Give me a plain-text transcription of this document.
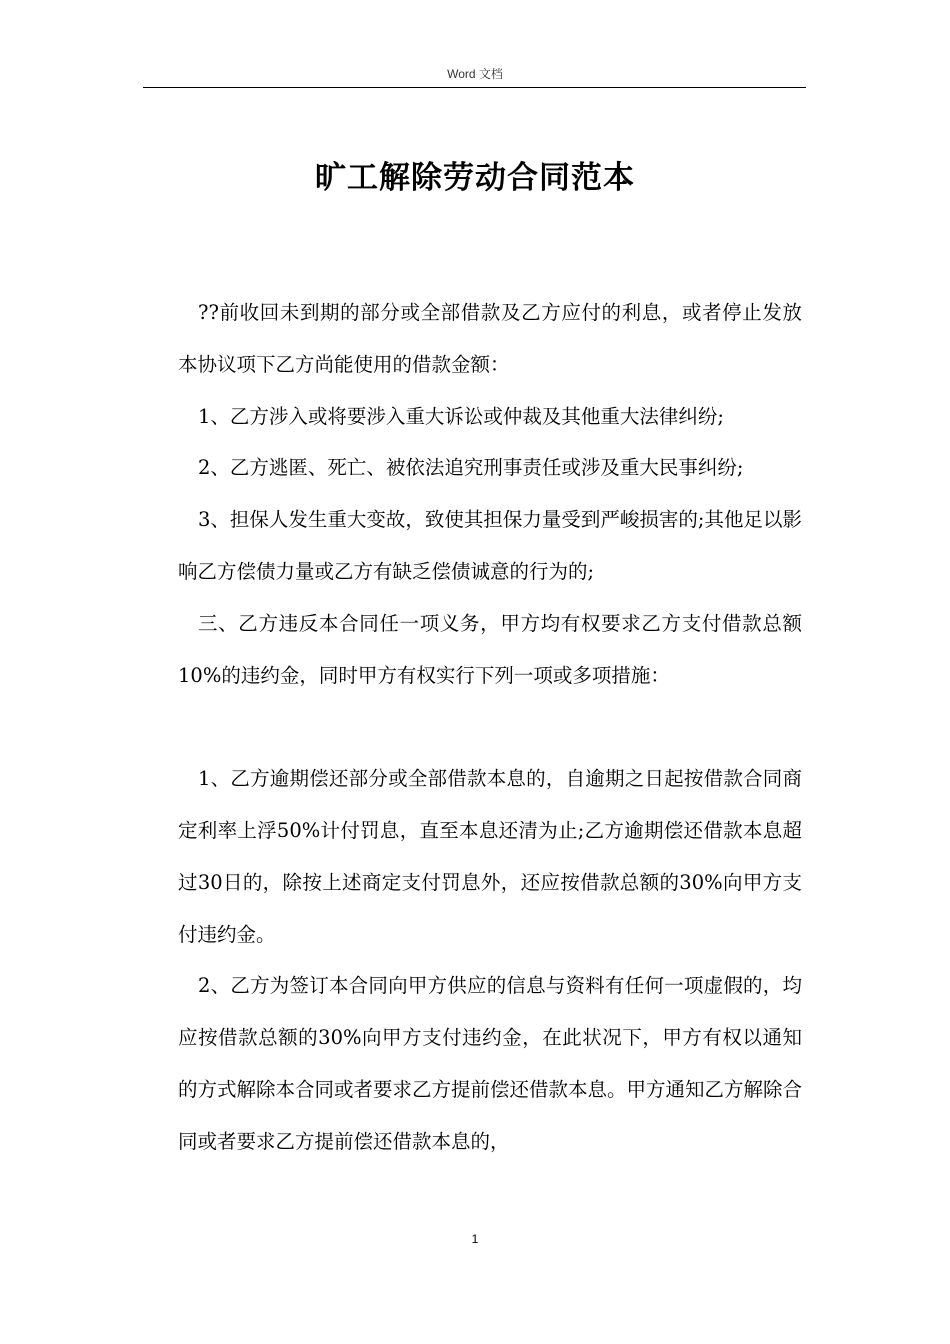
Word 文档
旷工解除劳动合同范本

??前收回未到期的部分或全部借款及乙方应付的利息，或者停止发放本协议项下乙方尚能使用的借款金额：

1、乙方涉入或将要涉入重大诉讼或仲裁及其他重大法律纠纷;

2、乙方逃匿、死亡、被依法追究刑事责任或涉及重大民事纠纷;

3、担保人发生重大变故，致使其担保力量受到严峻损害的;其他足以影响乙方偿债力量或乙方有缺乏偿债诚意的行为的;

三、乙方违反本合同任一项义务，甲方均有权要求乙方支付借款总额10%的违约金，同时甲方有权实行下列一项或多项措施：

1、乙方逾期偿还部分或全部借款本息的，自逾期之日起按借款合同商定利率上浮50%计付罚息，直至本息还清为止;乙方逾期偿还借款本息超过30日的，除按上述商定支付罚息外，还应按借款总额的30%向甲方支付违约金。

2、乙方为签订本合同向甲方供应的信息与资料有任何一项虚假的，均应按借款总额的30%向甲方支付违约金，在此状况下，甲方有权以通知的方式解除本合同或者要求乙方提前偿还借款本息。甲方通知乙方解除合同或者要求乙方提前偿还借款本息的，

1
